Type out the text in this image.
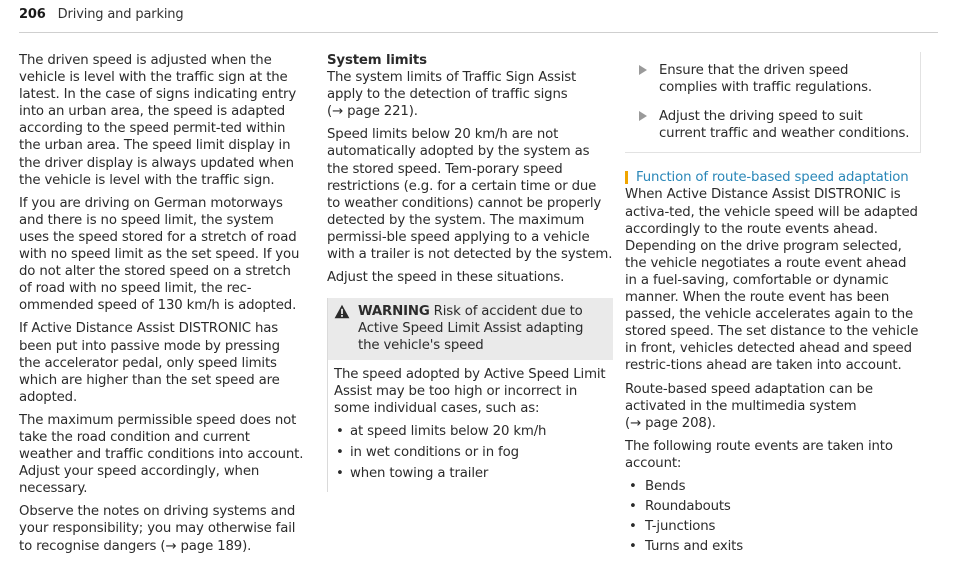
206 Driving and parking

The driven speed is adjusted when the vehicle is level with the traffic sign at the latest. In the case of signs indicating entry into an urban area, the speed is adapted according to the speed permit-ted within the urban area. The speed limit display in the driver display is always updated when the vehicle is level with the traffic sign.

If you are driving on German motorways and there is no speed limit, the system uses the speed stored for a stretch of road with no speed limit as the set speed. If you do not alter the stored speed on a stretch of road with no speed limit, the rec-ommended speed of 130 km/h is adopted.

If Active Distance Assist DISTRONIC has been put into passive mode by pressing the accelerator pedal, only speed limits which are higher than the set speed are adopted.

The maximum permissible speed does not take the road condition and current weather and traffic conditions into account. Adjust your speed accordingly, when necessary.

Observe the notes on driving systems and your responsibility; you may otherwise fail to recognise dangers (→ page 189).

System limits

The system limits of Traffic Sign Assist apply to the detection of traffic signs (→ page 221).

Speed limits below 20 km/h are not automatically adopted by the system as the stored speed. Tem-porary speed restrictions (e.g. for a certain time or due to weather conditions) cannot be properly detected by the system. The maximum permissi-ble speed applying to a vehicle with a trailer is not detected by the system.

Adjust the speed in these situations.

WARNING Risk of accident due to Active Speed Limit Assist adapting the vehicle's speed

The speed adopted by Active Speed Limit Assist may be too high or incorrect in some individual cases, such as:

• at speed limits below 20 km/h
• in wet conditions or in fog
• when towing a trailer
Ensure that the driven speed complies with traffic regulations.
Adjust the driving speed to suit current traffic and weather conditions.
Function of route-based speed adaptation

When Active Distance Assist DISTRONIC is activa-ted, the vehicle speed will be adapted accordingly to the route events ahead. Depending on the drive program selected, the vehicle negotiates a route event ahead in a fuel-saving, comfortable or dynamic manner. When the route event has been passed, the vehicle accelerates again to the stored speed. The set distance to the vehicle in front, vehicles detected ahead and speed restric-tions ahead are taken into account.

Route-based speed adaptation can be activated in the multimedia system (→ page 208).

The following route events are taken into account:

• Bends
• Roundabouts
• T-junctions
• Turns and exits
